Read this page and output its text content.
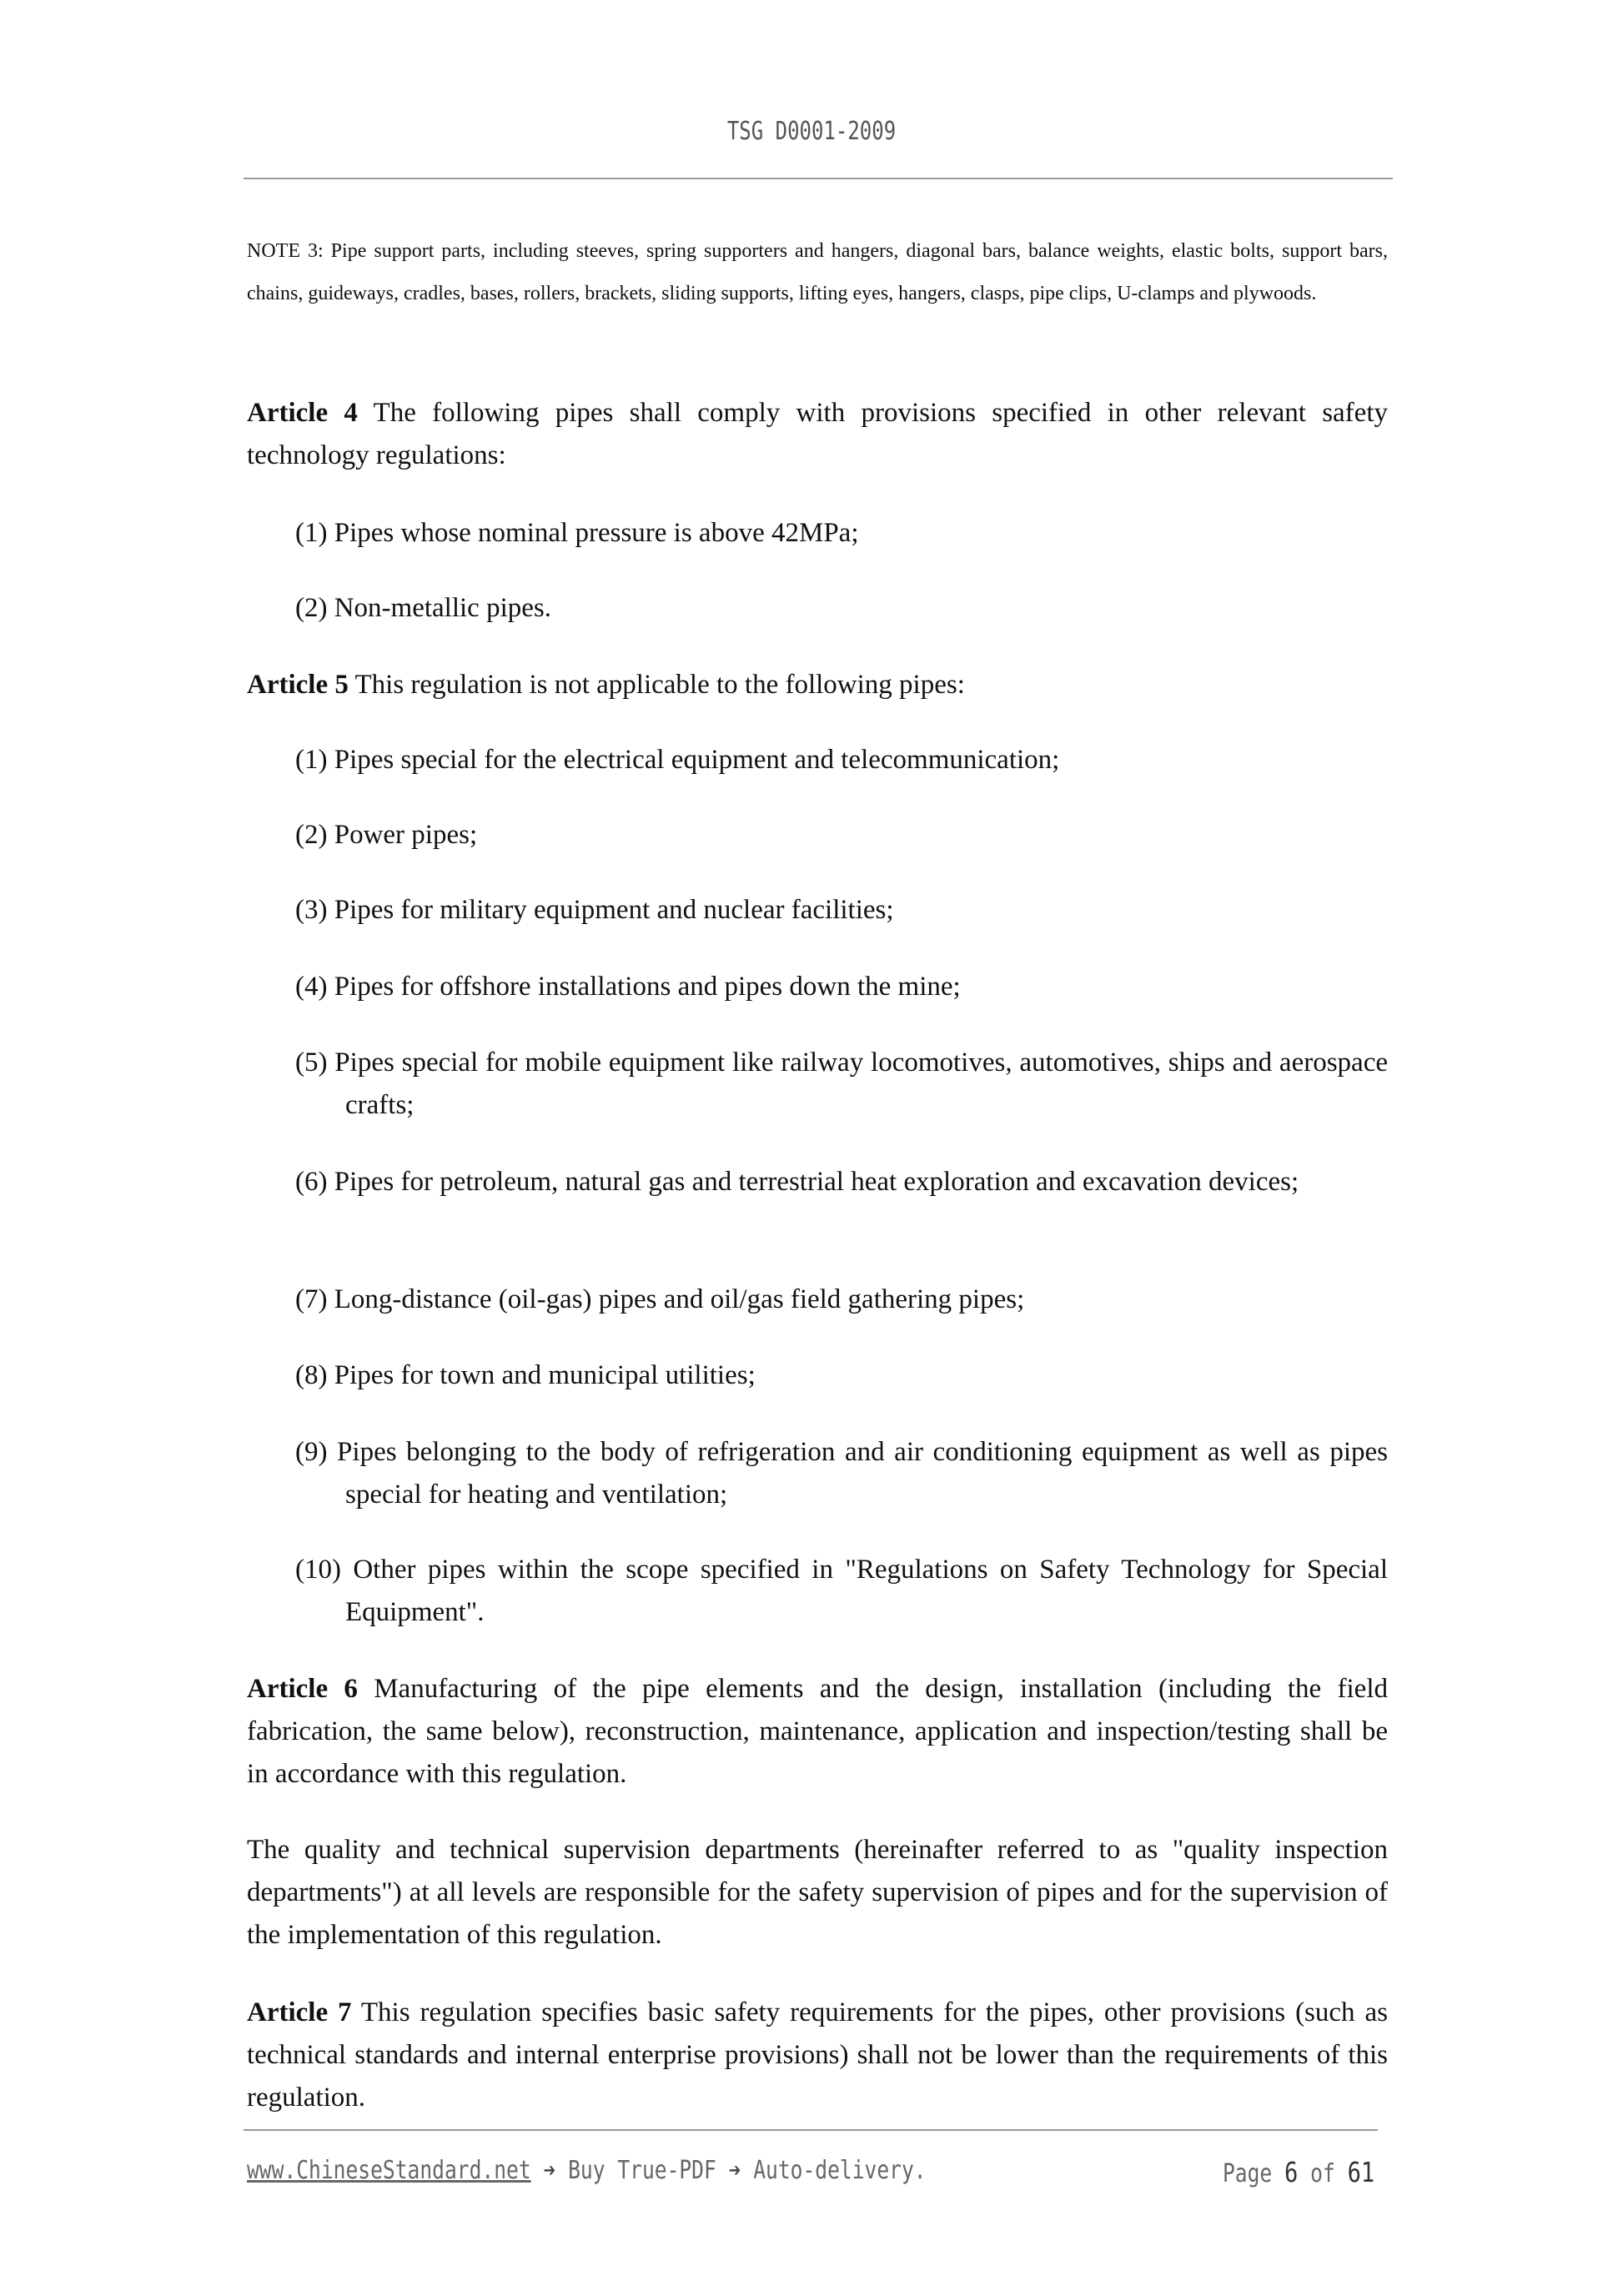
TSG D0001-2009
NOTE 3: Pipe support parts, including steeves, spring supporters and hangers, diagonal bars, balance weights, elastic bolts, support bars, chains, guideways, cradles, bases, rollers, brackets, sliding supports, lifting eyes, hangers, clasps, pipe clips, U-clamps and plywoods.
Article 4 The following pipes shall comply with provisions specified in other relevant safety technology regulations:
(1) Pipes whose nominal pressure is above 42MPa;
(2) Non-metallic pipes.
Article 5 This regulation is not applicable to the following pipes:
(1) Pipes special for the electrical equipment and telecommunication;
(2) Power pipes;
(3) Pipes for military equipment and nuclear facilities;
(4) Pipes for offshore installations and pipes down the mine;
(5) Pipes special for mobile equipment like railway locomotives, automotives, ships and aerospace crafts;
(6) Pipes for petroleum, natural gas and terrestrial heat exploration and excavation devices;
(7) Long-distance (oil-gas) pipes and oil/gas field gathering pipes;
(8) Pipes for town and municipal utilities;
(9) Pipes belonging to the body of refrigeration and air conditioning equipment as well as pipes special for heating and ventilation;
(10) Other pipes within the scope specified in "Regulations on Safety Technology for Special Equipment".
Article 6 Manufacturing of the pipe elements and the design, installation (including the field fabrication, the same below), reconstruction, maintenance, application and inspection/testing shall be in accordance with this regulation.
The quality and technical supervision departments (hereinafter referred to as "quality inspection departments") at all levels are responsible for the safety supervision of pipes and for the supervision of the implementation of this regulation.
Article 7 This regulation specifies basic safety requirements for the pipes, other provisions (such as technical standards and internal enterprise provisions) shall not be lower than the requirements of this regulation.
www.ChineseStandard.net ➔ Buy True-PDF ➔ Auto-delivery.	Page 6 of 61
